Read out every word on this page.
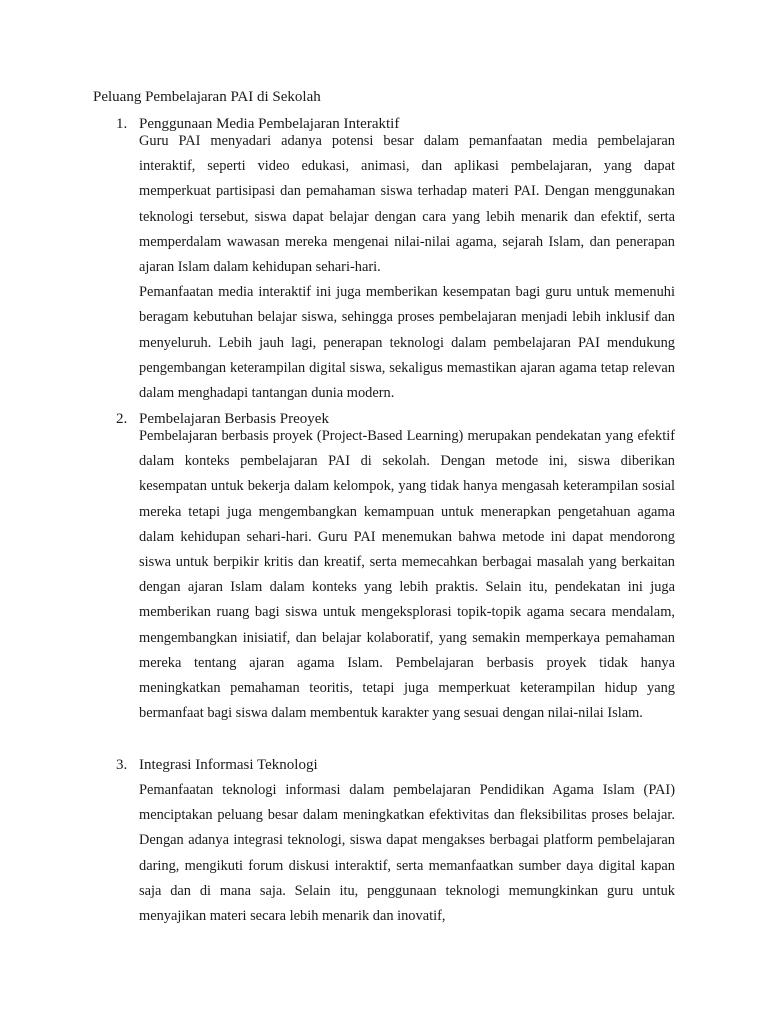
Peluang Pembelajaran PAI di Sekolah
1. Penggunaan Media Pembelajaran Interaktif

Guru PAI menyadari adanya potensi besar dalam pemanfaatan media pembelajaran interaktif, seperti video edukasi, animasi, dan aplikasi pembelajaran, yang dapat memperkuat partisipasi dan pemahaman siswa terhadap materi PAI. Dengan menggunakan teknologi tersebut, siswa dapat belajar dengan cara yang lebih menarik dan efektif, serta memperdalam wawasan mereka mengenai nilai-nilai agama, sejarah Islam, dan penerapan ajaran Islam dalam kehidupan sehari-hari.

Pemanfaatan media interaktif ini juga memberikan kesempatan bagi guru untuk memenuhi beragam kebutuhan belajar siswa, sehingga proses pembelajaran menjadi lebih inklusif dan menyeluruh. Lebih jauh lagi, penerapan teknologi dalam pembelajaran PAI mendukung pengembangan keterampilan digital siswa, sekaligus memastikan ajaran agama tetap relevan dalam menghadapi tantangan dunia modern.

2. Pembelajaran Berbasis Preoyek

Pembelajaran berbasis proyek (Project-Based Learning) merupakan pendekatan yang efektif dalam konteks pembelajaran PAI di sekolah. Dengan metode ini, siswa diberikan kesempatan untuk bekerja dalam kelompok, yang tidak hanya mengasah keterampilan sosial mereka tetapi juga mengembangkan kemampuan untuk menerapkan pengetahuan agama dalam kehidupan sehari-hari. Guru PAI menemukan bahwa metode ini dapat mendorong siswa untuk berpikir kritis dan kreatif, serta memecahkan berbagai masalah yang berkaitan dengan ajaran Islam dalam konteks yang lebih praktis. Selain itu, pendekatan ini juga memberikan ruang bagi siswa untuk mengeksplorasi topik-topik agama secara mendalam, mengembangkan inisiatif, dan belajar kolaboratif, yang semakin memperkaya pemahaman mereka tentang ajaran agama Islam. Pembelajaran berbasis proyek tidak hanya meningkatkan pemahaman teoritis, tetapi juga memperkuat keterampilan hidup yang bermanfaat bagi siswa dalam membentuk karakter yang sesuai dengan nilai-nilai Islam.

3. Integrasi Informasi Teknologi

Pemanfaatan teknologi informasi dalam pembelajaran Pendidikan Agama Islam (PAI) menciptakan peluang besar dalam meningkatkan efektivitas dan fleksibilitas proses belajar. Dengan adanya integrasi teknologi, siswa dapat mengakses berbagai platform pembelajaran daring, mengikuti forum diskusi interaktif, serta memanfaatkan sumber daya digital kapan saja dan di mana saja. Selain itu, penggunaan teknologi memungkinkan guru untuk menyajikan materi secara lebih menarik dan inovatif,
